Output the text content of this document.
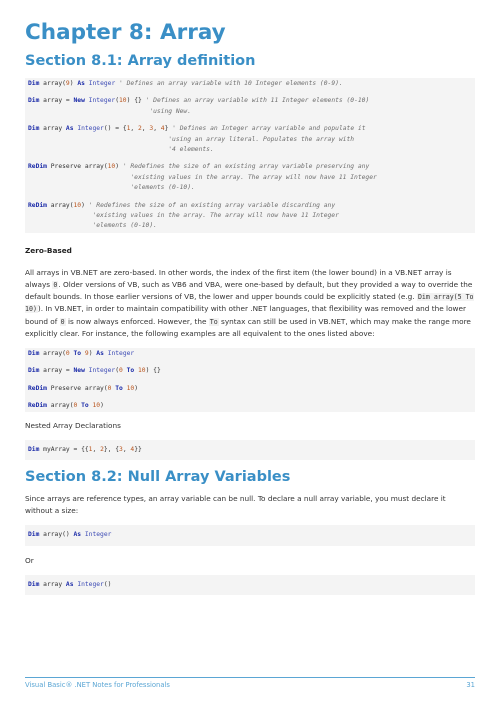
Chapter 8: Array
Section 8.1: Array definition
Dim array(9) As Integer ' Defines an array variable with 10 Integer elements (0-9).
Dim array = New Integer(10) {} ' Defines an array variable with 11 Integer elements (0-10)
'using New.
Dim array As Integer() = {1, 2, 3, 4} ' Defines an Integer array variable and populate it
'using an array literal. Populates the array with
'4 elements.
ReDim Preserve array(10) ' Redefines the size of an existing array variable preserving any
'existing values in the array. The array will now have 11 Integer
'elements (0-10).
ReDim array(10) ' Redefines the size of an existing array variable discarding any
'existing values in the array. The array will now have 11 Integer
'elements (0-10).

Zero-Based

All arrays in VB.NET are zero-based. In other words, the index of the first item (the lower bound) in a VB.NET array is always 0. Older versions of VB, such as VB6 and VBA, were one-based by default, but they provided a way to override the default bounds. In those earlier versions of VB, the lower and upper bounds could be explicitly stated (e.g. Dim array(5 To 10)). In VB.NET, in order to maintain compatibility with other .NET languages, that flexibility was removed and the lower bound of 0 is now always enforced. However, the To syntax can still be used in VB.NET, which may make the range more explicitly clear. For instance, the following examples are all equivalent to the ones listed above:

Dim array(0 To 9) As Integer
Dim array = New Integer(0 To 10) {}
ReDim Preserve array(0 To 10)
ReDim array(0 To 10)

Nested Array Declarations

Dim myArray = {{1, 2}, {3, 4}}
Section 8.2: Null Array Variables

Since arrays are reference types, an array variable can be null. To declare a null array variable, you must declare it without a size:

Dim array() As Integer

Or

Dim array As Integer()
Visual Basic® .NET Notes for Professionals	31
